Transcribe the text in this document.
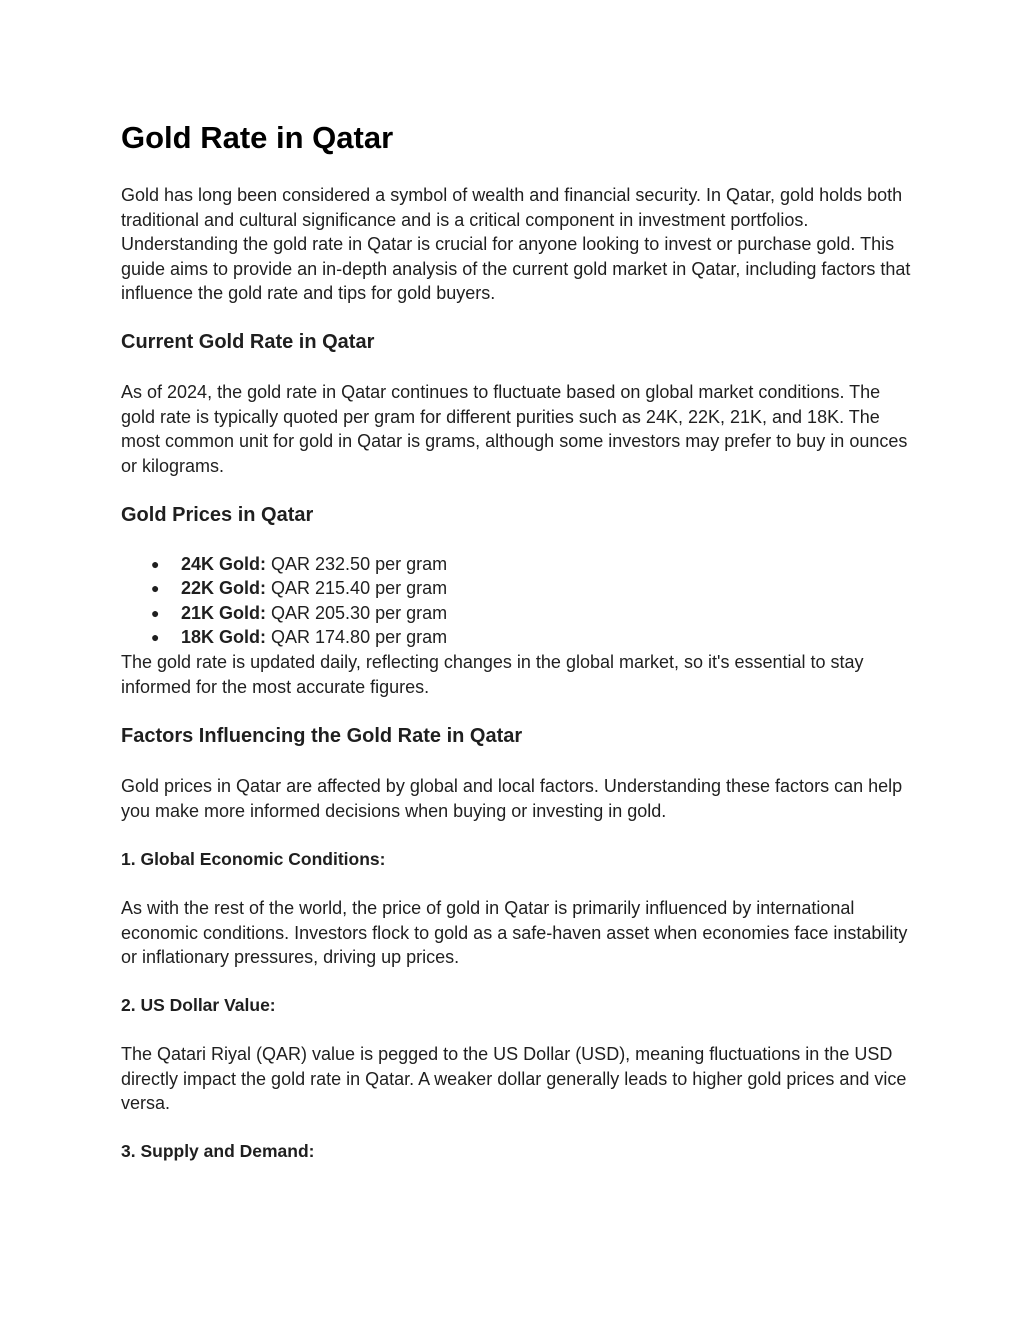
Gold Rate in Qatar

Gold has long been considered a symbol of wealth and financial security. In Qatar, gold holds both traditional and cultural significance and is a critical component in investment portfolios. Understanding the gold rate in Qatar is crucial for anyone looking to invest or purchase gold. This guide aims to provide an in-depth analysis of the current gold market in Qatar, including factors that influence the gold rate and tips for gold buyers.

Current Gold Rate in Qatar

As of 2024, the gold rate in Qatar continues to fluctuate based on global market conditions. The gold rate is typically quoted per gram for different purities such as 24K, 22K, 21K, and 18K. The most common unit for gold in Qatar is grams, although some investors may prefer to buy in ounces or kilograms.

Gold Prices in Qatar
● 24K Gold: QAR 232.50 per gram
● 22K Gold: QAR 215.40 per gram
● 21K Gold: QAR 205.30 per gram
● 18K Gold: QAR 174.80 per gram

The gold rate is updated daily, reflecting changes in the global market, so it's essential to stay informed for the most accurate figures.

Factors Influencing the Gold Rate in Qatar

Gold prices in Qatar are affected by global and local factors. Understanding these factors can help you make more informed decisions when buying or investing in gold.

1. Global Economic Conditions:

As with the rest of the world, the price of gold in Qatar is primarily influenced by international economic conditions. Investors flock to gold as a safe-haven asset when economies face instability or inflationary pressures, driving up prices.

2. US Dollar Value:

The Qatari Riyal (QAR) value is pegged to the US Dollar (USD), meaning fluctuations in the USD directly impact the gold rate in Qatar. A weaker dollar generally leads to higher gold prices and vice versa.

3. Supply and Demand:
